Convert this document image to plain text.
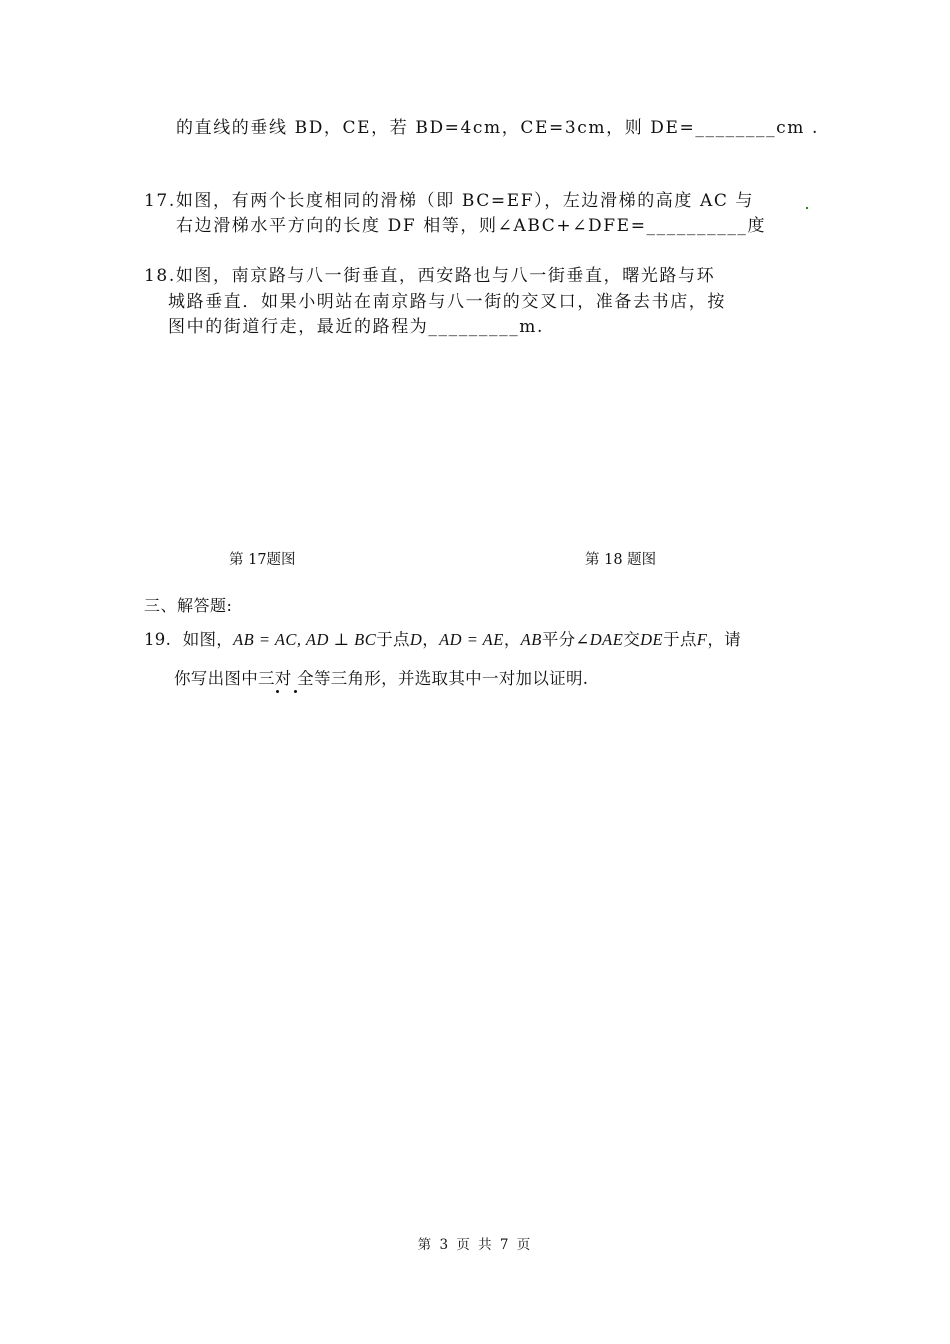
的直线的垂线 BD，CE，若 BD=4cm，CE=3cm，则 DE=________cm .
17.如图，有两个长度相同的滑梯（即 BC=EF），左边滑梯的高度 AC 与
右边滑梯水平方向的长度 DF 相等，则∠ABC+∠DFE=__________度
18.如图，南京路与八一街垂直，西安路也与八一街垂直，曙光路与环
城路垂直．如果小明站在南京路与八一街的交叉口，准备去书店，按
图中的街道行走，最近的路程为_________m.
第 17题图	第 18 题图
三、解答题:
19. 如图，AB = AC, AD ⊥ BC于点D，AD = AE，AB平分∠DAE交DE于点F，请
你写出图中三对 全等三角形，并选取其中一对加以证明.
第 3 页 共 7 页
